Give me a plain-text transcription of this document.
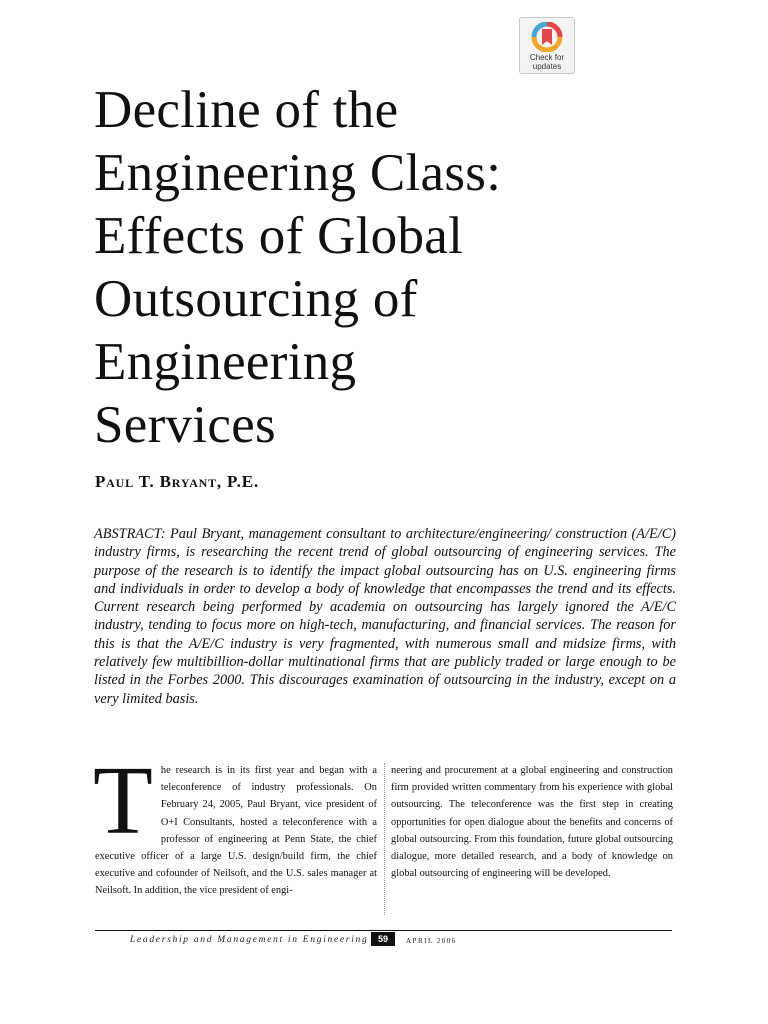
Check for
updates
Decline of the
Engineering Class:
Effects of Global
Outsourcing of
Engineering
Services

Paul T. Bryant, P.E.

ABSTRACT: Paul Bryant, management consultant to architecture/engineering/ construction (A/E/C) industry firms, is researching the recent trend of global outsourcing of engineering services. The purpose of the research is to identify the impact global outsourcing has on U.S. engineering firms and individuals in order to develop a body of knowledge that encompasses the trend and its effects. Current research being performed by academia on outsourcing has largely ignored the A/E/C industry, tending to focus more on high-tech, manufacturing, and financial services. The reason for this is that the A/E/C industry is very fragmented, with numerous small and midsize firms, with relatively few multibillion-dollar multinational firms that are publicly traded or large enough to be listed in the Forbes 2000. This discourages examination of outsourcing in the industry, except on a very limited basis.

T he research is in its first year and began with a teleconference of industry professionals. On February 24, 2005, Paul Bryant, vice president of O+I Consultants, hosted a teleconference with a professor of engineering at Penn State, the chief executive officer of a large U.S. design/build firm, the chief executive and cofounder of Neilsoft, and the U.S. sales manager at Neilsoft. In addition, the vice president of engi-
neering and procurement at a global engineering and construction firm provided written commentary from his experience with global outsourcing. The teleconference was the first step in creating opportunities for open dialogue about the benefits and concerns of global outsourcing. From this foundation, future global outsourcing dialogue, more detailed research, and a body of knowledge on global outsourcing of engineering will be developed.
Leadership and Management in Engineering	59	APRIL 2006
